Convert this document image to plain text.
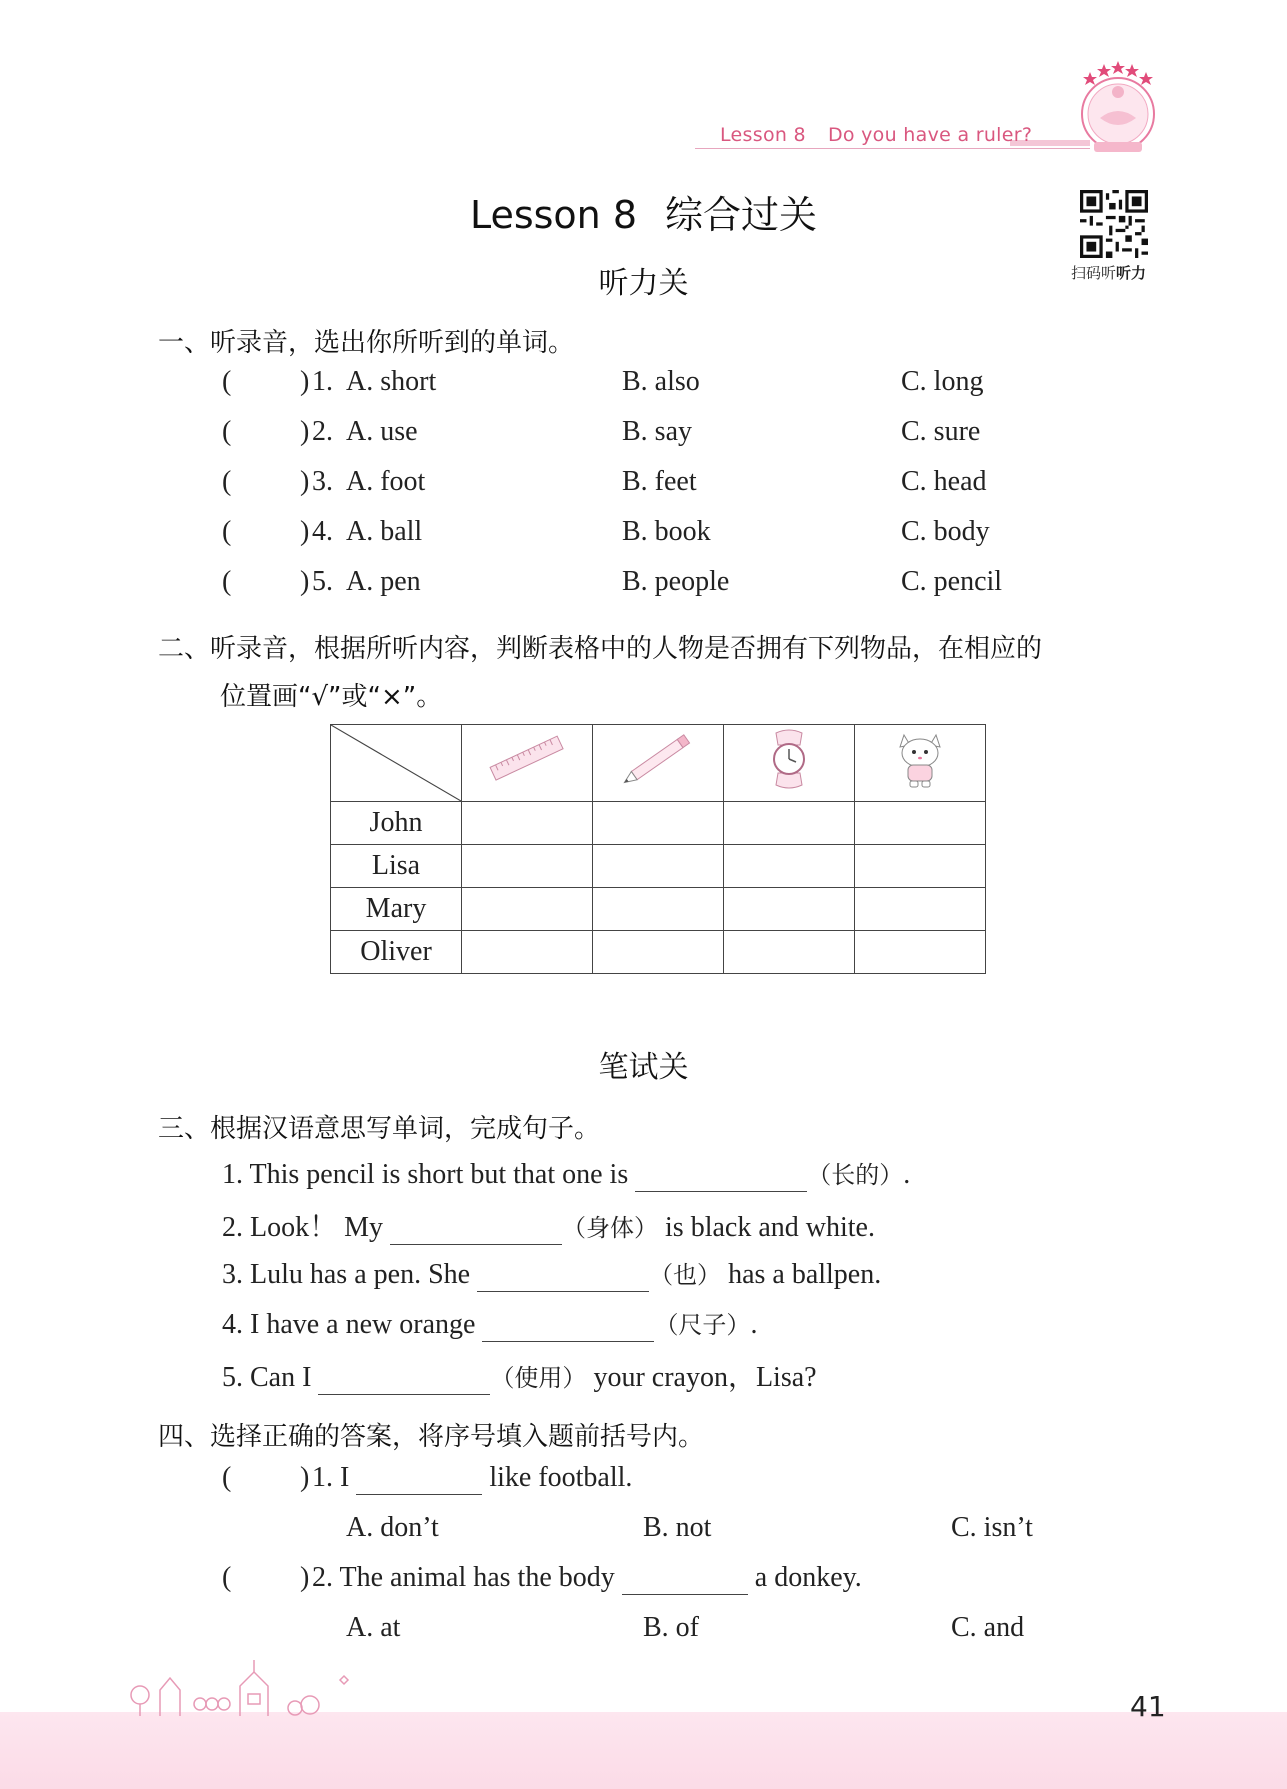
Lesson 8 Do you have a ruler?
Lesson 8 综合过关
扫码听听力
听力关
一、听录音，选出你所听到的单词。
( ) 1. A. short	B. also	C. long
( ) 2. A. use	B. say	C. sure
( ) 3. A. foot	B. feet	C. head
( ) 4. A. ball	B. book	C. body
( ) 5. A. pen	B. people	C. pencil
二、听录音，根据所听内容，判断表格中的人物是否拥有下列物品，在相应的
位置画“√”或“×”。

John				
Lisa				
Mary				
Oliver				
笔试关
三、根据汉语意思写单词，完成句子。
1. This pencil is short but that one is	（长的）.
2. Look！ My	（身体） is black and white.
3. Lulu has a pen. She	（也） has a ballpen.
4. I have a new orange	（尺子）.
5. Can I	（使用） your crayon，Lisa?
四、选择正确的答案，将序号填入题前括号内。
( ) 1. I	like football.
A. don’t	B. not	C. isn’t
( ) 2. The animal has the body	a donkey.
A. at	B. of	C. and
41
